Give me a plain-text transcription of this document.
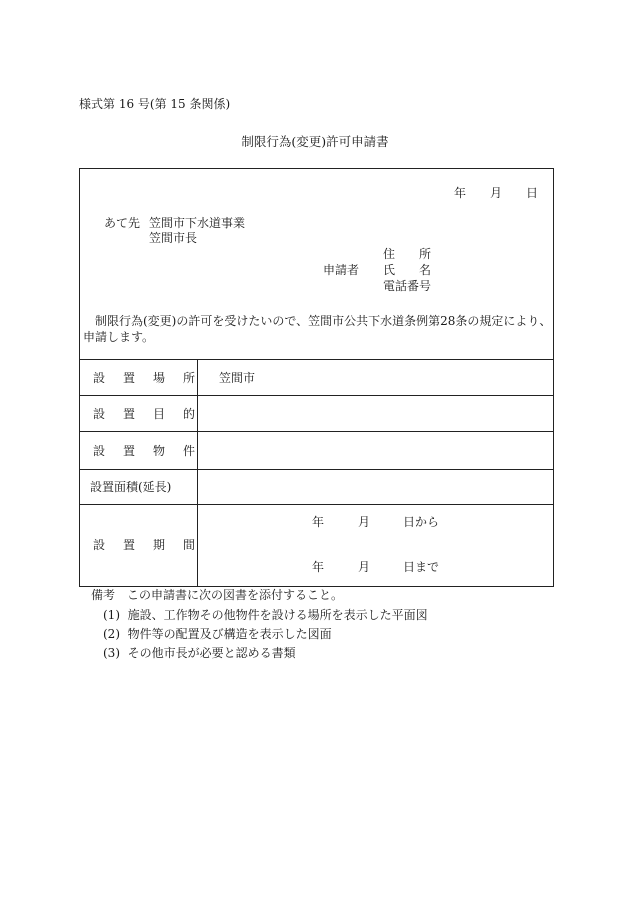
様式第 16 号(第 15 条関係)
制限行為(変更)許可申請書
年 月 日
あて先 笠間市下水道事業
笠間市長
住 所
申請者 氏 名
電話番号
制限行為(変更)の許可を受けたいので、笠間市公共下水道条例第28条の規定により、
申請します。
設 置 場 所 笠間市
設 置 目 的
設 置 物 件
設置面積(延長)
設 置 期 間
年	月	日から
年	月	日まで
備考　この申請書に次の図書を添付すること。
(1) 施設、工作物その他物件を設ける場所を表示した平面図
(2) 物件等の配置及び構造を表示した図面
(3) その他市長が必要と認める書類
